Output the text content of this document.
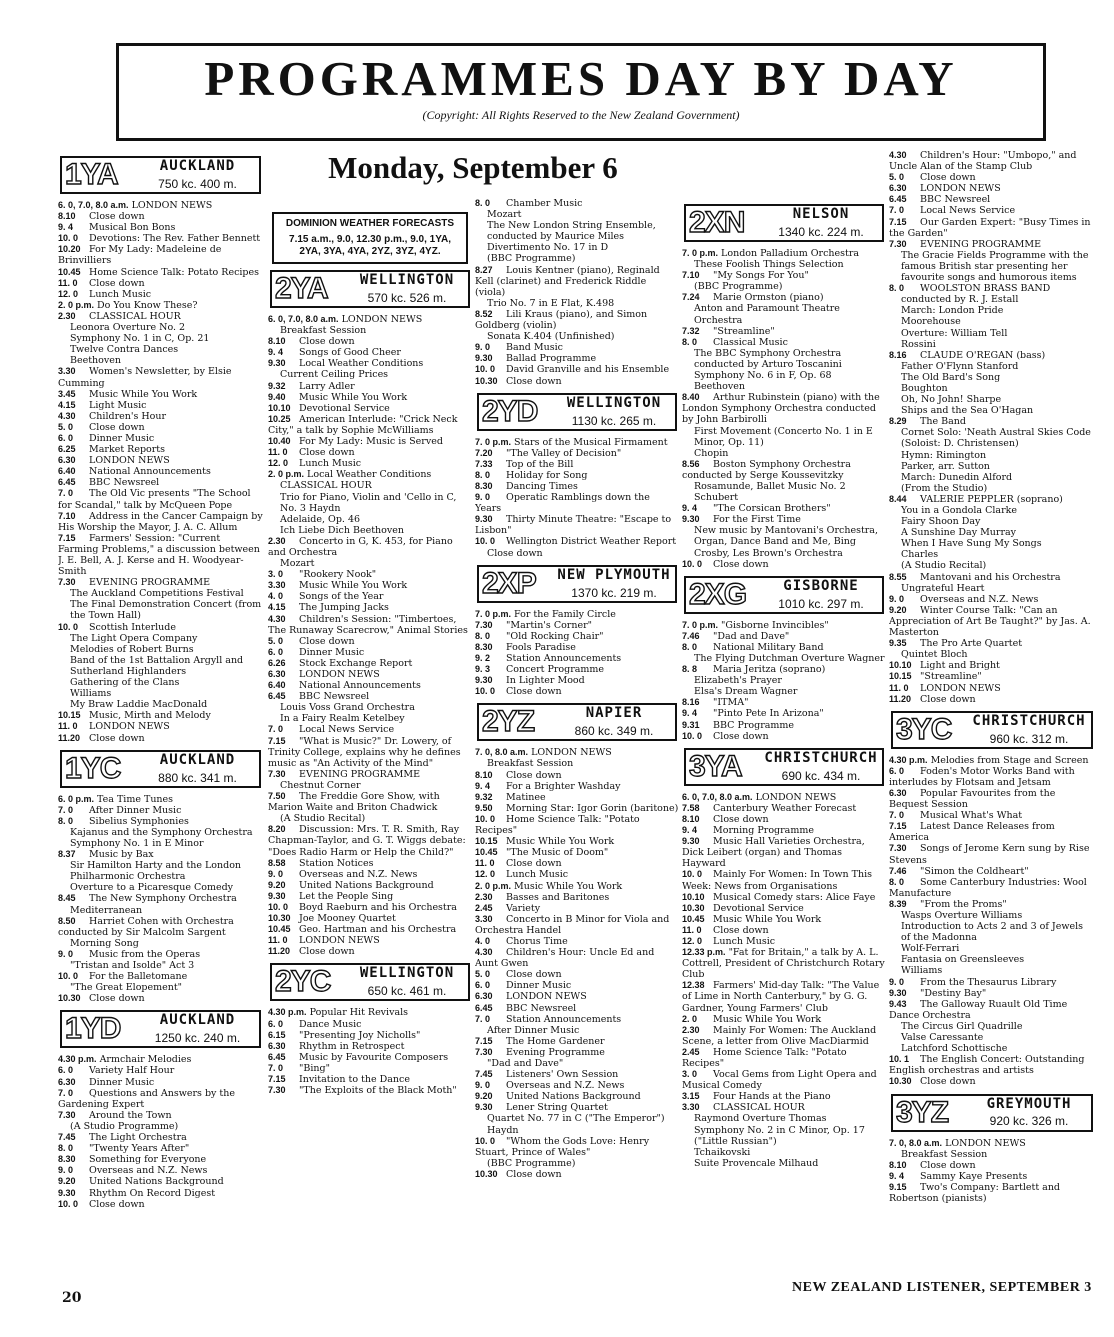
PROGRAMMES DAY BY DAY

(Copyright: All Rights Reserved to the New Zealand Government)

Monday, September 6
1YA	AUCKLAND
750 kc. 400 m.

6. 0, 7.0, 8.0 a.m. LONDON NEWS

8.10 Close down

9. 4 Musical Bon Bons

10. 0 Devotions: The Rev. Father Bennett

10.20 For My Lady: Madeleine de Brinvilliers

10.45 Home Science Talk: Potato Recipes

11. 0 Close down

12. 0 Lunch Music

2. 0 p.m. Do You Know These?

2.30 CLASSICAL HOUR

Leonora Overture No. 2

Symphony No. 1 in C, Op. 21

Twelve Contra Dances

Beethoven

3.30 Women's Newsletter, by Elsie Cumming

3.45 Music While You Work

4.15 Light Music

4.30 Children's Hour

5. 0 Close down

6. 0 Dinner Music

6.25 Market Reports

6.30 LONDON NEWS

6.40 National Announcements

6.45 BBC Newsreel

7. 0 The Old Vic presents "The School for Scandal," talk by McQueen Pope

7.10 Address in the Cancer Campaign by His Worship the Mayor, J. A. C. Allum

7.15 Farmers' Session: "Current Farming Problems," a discussion between J. E. Bell, A. J. Kerse and H. Woodyear-Smith

7.30 EVENING PROGRAMME

The Auckland Competitions Festival

The Final Demonstration Concert (from the Town Hall)

10. 0 Scottish Interlude

The Light Opera Company

Melodies of Robert Burns

Band of the 1st Battalion Argyll and Sutherland Highlanders

Gathering of the Clans

Williams

My Braw Laddie MacDonald

10.15 Music, Mirth and Melody

11. 0 LONDON NEWS

11.20 Close down

1YC	AUCKLAND
880 kc. 341 m.

6. 0 p.m. Tea Time Tunes

7. 0 After Dinner Music

8. 0 Sibelius Symphonies

Kajanus and the Symphony Orchestra

Symphony No. 1 in E Minor

8.37 Music by Bax

Sir Hamilton Harty and the London Philharmonic Orchestra

Overture to a Picaresque Comedy

8.45 The New Symphony Orchestra

Mediterranean

8.50 Harriet Cohen with Orchestra conducted by Sir Malcolm Sargent

Morning Song

9. 0 Music from the Operas

"Tristan and Isolde" Act 3

10. 0 For the Balletomane

"The Great Elopement"

10.30 Close down

1YD	AUCKLAND
1250 kc. 240 m.

4.30 p.m. Armchair Melodies

6. 0 Variety Half Hour

6.30 Dinner Music

7. 0 Questions and Answers by the Gardening Expert

7.30 Around the Town

(A Studio Programme)

7.45 The Light Orchestra

8. 0 "Twenty Years After"

8.30 Something for Everyone

9. 0 Overseas and N.Z. News

9.20 United Nations Background

9.30 Rhythm On Record Digest

10. 0 Close down

DOMINION WEATHER FORECASTS
7.15 a.m., 9.0, 12.30 p.m., 9.0, 1YA, 2YA, 3YA, 4YA, 2YZ, 3YZ, 4YZ.
2YA	WELLINGTON
570 kc. 526 m.

6. 0, 7.0, 8.0 a.m. LONDON NEWS

Breakfast Session

8.10 Close down

9. 4 Songs of Good Cheer

9.30 Local Weather Conditions

Current Ceiling Prices

9.32 Larry Adler

9.40 Music While You Work

10.10 Devotional Service

10.25 American Interlude: "Crick Neck City," a talk by Sophie McWilliams

10.40 For My Lady: Music is Served

11. 0 Close down

12. 0 Lunch Music

2. 0 p.m. Local Weather Conditions

CLASSICAL HOUR

Trio for Piano, Violin and 'Cello in C, No. 3 Haydn

Adelaide, Op. 46

Ich Liebe Dich Beethoven

2.30 Concerto in G, K. 453, for Piano and Orchestra

Mozart

3. 0 "Rookery Nook"

3.30 Music While You Work

4. 0 Songs of the Year

4.15 The Jumping Jacks

4.30 Children's Session: "Timbertoes, The Runaway Scarecrow," Animal Stories

5. 0 Close down

6. 0 Dinner Music

6.26 Stock Exchange Report

6.30 LONDON NEWS

6.40 National Announcements

6.45 BBC Newsreel

Louis Voss Grand Orchestra

In a Fairy Realm Ketelbey

7. 0 Local News Service

7.15 "What is Music?" Dr. Lowery, of Trinity College, explains why he defines music as "An Activity of the Mind"

7.30 EVENING PROGRAMME

Chestnut Corner

7.50 The Freddie Gore Show, with Marion Waite and Briton Chadwick

(A Studio Recital)

8.20 Discussion: Mrs. T. R. Smith, Ray Chapman-Taylor, and G. T. Wiggs debate: "Does Radio Harm or Help the Child?"

8.58 Station Notices

9. 0 Overseas and N.Z. News

9.20 United Nations Background

9.30 Let the People Sing

10. 0 Boyd Raeburn and his Orchestra

10.30 Joe Mooney Quartet

10.45 Geo. Hartman and his Orchestra

11. 0 LONDON NEWS

11.20 Close down

2YC	WELLINGTON
650 kc. 461 m.

4.30 p.m. Popular Hit Revivals

6. 0 Dance Music

6.15 "Presenting Joy Nicholls"

6.30 Rhythm in Retrospect

6.45 Music by Favourite Composers

7. 0 "Bing"

7.15 Invitation to the Dance

7.30 "The Exploits of the Black Moth"

8. 0 Chamber Music

Mozart

The New London String Ensemble, conducted by Maurice Miles

Divertimento No. 17 in D

(BBC Programme)

8.27 Louis Kentner (piano), Reginald Kell (clarinet) and Frederick Riddle (viola)

Trio No. 7 in E Flat, K.498

8.52 Lili Kraus (piano), and Simon Goldberg (violin)

Sonata K.404 (Unfinished)

9. 0 Band Music

9.30 Ballad Programme

10. 0 David Granville and his Ensemble

10.30 Close down

2YD	WELLINGTON
1130 kc. 265 m.

7. 0 p.m. Stars of the Musical Firmament

7.20 "The Valley of Decision"

7.33 Top of the Bill

8. 0 Holiday for Song

8.30 Dancing Times

9. 0 Operatic Ramblings down the Years

9.30 Thirty Minute Theatre: "Escape to Lisbon"

10. 0 Wellington District Weather Report

Close down

2XP	NEW PLYMOUTH
1370 kc. 219 m.

7. 0 p.m. For the Family Circle

7.30 "Martin's Corner"

8. 0 "Old Rocking Chair"

8.30 Fools Paradise

9. 2 Station Announcements

9. 3 Concert Programme

9.30 In Lighter Mood

10. 0 Close down

2YZ	NAPIER
860 kc. 349 m.

7. 0, 8.0 a.m. LONDON NEWS

Breakfast Session

8.10 Close down

9. 4 For a Brighter Washday

9.32 Matinee

9.50 Morning Star: Igor Gorin (baritone)

10. 0 Home Science Talk: "Potato Recipes"

10.15 Music While You Work

10.45 "The Music of Doom"

11. 0 Close down

12. 0 Lunch Music

2. 0 p.m. Music While You Work

2.30 Basses and Baritones

2.45 Variety

3.30 Concerto in B Minor for Viola and Orchestra Handel

4. 0 Chorus Time

4.30 Children's Hour: Uncle Ed and Aunt Gwen

5. 0 Close down

6. 0 Dinner Music

6.30 LONDON NEWS

6.45 BBC Newsreel

7. 0 Station Announcements

After Dinner Music

7.15 The Home Gardener

7.30 Evening Programme

"Dad and Dave"

7.45 Listeners' Own Session

9. 0 Overseas and N.Z. News

9.20 United Nations Background

9.30 Lener String Quartet

Quartet No. 77 in C ("The Emperor") Haydn

10. 0 "Whom the Gods Love: Henry Stuart, Prince of Wales"

(BBC Programme)

10.30 Close down

2XN	NELSON
1340 kc. 224 m.

7. 0 p.m. London Palladium Orchestra

These Foolish Things Selection

7.10 "My Songs For You"

(BBC Programme)

7.24 Marie Ormston (piano)

Anton and Paramount Theatre Orchestra

7.32 "Streamline"

8. 0 Classical Music

The BBC Symphony Orchestra conducted by Arturo Toscanini

Symphony No. 6 in F, Op. 68

Beethoven

8.40 Arthur Rubinstein (piano) with the London Symphony Orchestra conducted by John Barbirolli

First Movement (Concerto No. 1 in E Minor, Op. 11)

Chopin

8.56 Boston Symphony Orchestra conducted by Serge Koussevitzky

Rosamunde, Ballet Music No. 2 Schubert

9. 4 "The Corsican Brothers"

9.30 For the First Time

New music by Mantovani's Orchestra, Organ, Dance Band and Me, Bing Crosby, Les Brown's Orchestra

10. 0 Close down

2XG	GISBORNE
1010 kc. 297 m.

7. 0 p.m. "Gisborne Invincibles"

7.46 "Dad and Dave"

8. 0 National Military Band

The Flying Dutchman Overture Wagner

8. 8 Maria Jeritza (soprano)

Elizabeth's Prayer

Elsa's Dream Wagner

8.16 "ITMA"

9. 4 "Pinto Pete In Arizona"

9.31 BBC Programme

10. 0 Close down

3YA	CHRISTCHURCH
690 kc. 434 m.

6. 0, 7.0, 8.0 a.m. LONDON NEWS

7.58 Canterbury Weather Forecast

8.10 Close down

9. 4 Morning Programme

9.30 Music Hall Varieties Orchestra, Dick Leibert (organ) and Thomas Hayward

10. 0 Mainly For Women: In Town This Week: News from Organisations

10.10 Musical Comedy stars: Alice Faye

10.30 Devotional Service

10.45 Music While You Work

11. 0 Close down

12. 0 Lunch Music

12.33 p.m. "Fat for Britain," a talk by A. L. Cottrell, President of Christchurch Rotary Club

12.38 Farmers' Mid-day Talk: "The Value of Lime in North Canterbury," by G. G. Gardner, Young Farmers' Club

2. 0 Music While You Work

2.30 Mainly For Women: The Auckland Scene, a letter from Olive MacDiarmid

2.45 Home Science Talk: "Potato Recipes"

3. 0 Vocal Gems from Light Opera and Musical Comedy

3.15 Four Hands at the Piano

3.30 CLASSICAL HOUR

Raymond Overture Thomas

Symphony No. 2 in C Minor, Op. 17 ("Little Russian")

Tchaikovski

Suite Provencale Milhaud

4.30 Children's Hour: "Umbopo," and Uncle Alan of the Stamp Club

5. 0 Close down

6.30 LONDON NEWS

6.45 BBC Newsreel

7. 0 Local News Service

7.15 Our Garden Expert: "Busy Times in the Garden"

7.30 EVENING PROGRAMME

The Gracie Fields Programme with the famous British star presenting her favourite songs and humorous items

8. 0 WOOLSTON BRASS BAND

conducted by R. J. Estall

March: London Pride

Moorehouse

Overture: William Tell

Rossini

8.16 CLAUDE O'REGAN (bass)

Father O'Flynn Stanford

The Old Bard's Song

Boughton

Oh, No John! Sharpe

Ships and the Sea O'Hagan

8.29 The Band

Cornet Solo: 'Neath Austral Skies Code

(Soloist: D. Christensen)

Hymn: Rimington

Parker, arr. Sutton

March: Dunedin Alford

(From the Studio)

8.44 VALERIE PEPPLER (soprano)

You in a Gondola Clarke

Fairy Shoon Day

A Sunshine Day Murray

When I Have Sung My Songs

Charles

(A Studio Recital)

8.55 Mantovani and his Orchestra

Ungrateful Heart

9. 0 Overseas and N.Z. News

9.20 Winter Course Talk: "Can an Appreciation of Art Be Taught?" by Jas. A. Masterton

9.35 The Pro Arte Quartet

Quintet Bloch

10.10 Light and Bright

10.15 "Streamline"

11. 0 LONDON NEWS

11.20 Close down

3YC	CHRISTCHURCH
960 kc. 312 m.

4.30 p.m. Melodies from Stage and Screen

6. 0 Foden's Motor Works Band with interludes by Flotsam and Jetsam

6.30 Popular Favourites from the Bequest Session

7. 0 Musical What's What

7.15 Latest Dance Releases from America

7.30 Songs of Jerome Kern sung by Rise Stevens

7.46 "Simon the Coldheart"

8. 0 Some Canterbury Industries: Wool Manufacture

8.39 "From the Proms"

Wasps Overture Williams

Introduction to Acts 2 and 3 of Jewels of the Madonna

Wolf-Ferrari

Fantasia on Greensleeves

Williams

9. 0 From the Thesaurus Library

9.30 "Destiny Bay"

9.43 The Galloway Ruault Old Time Dance Orchestra

The Circus Girl Quadrille

Valse Caressante

Latchford Schottische

10. 1 The English Concert: Outstanding English orchestras and artists

10.30 Close down

3YZ	GREYMOUTH
920 kc. 326 m.

7. 0, 8.0 a.m. LONDON NEWS

Breakfast Session

8.10 Close down

9. 4 Sammy Kaye Presents

9.15 Two's Company: Bartlett and Robertson (pianists)

20
NEW ZEALAND LISTENER, SEPTEMBER 3
